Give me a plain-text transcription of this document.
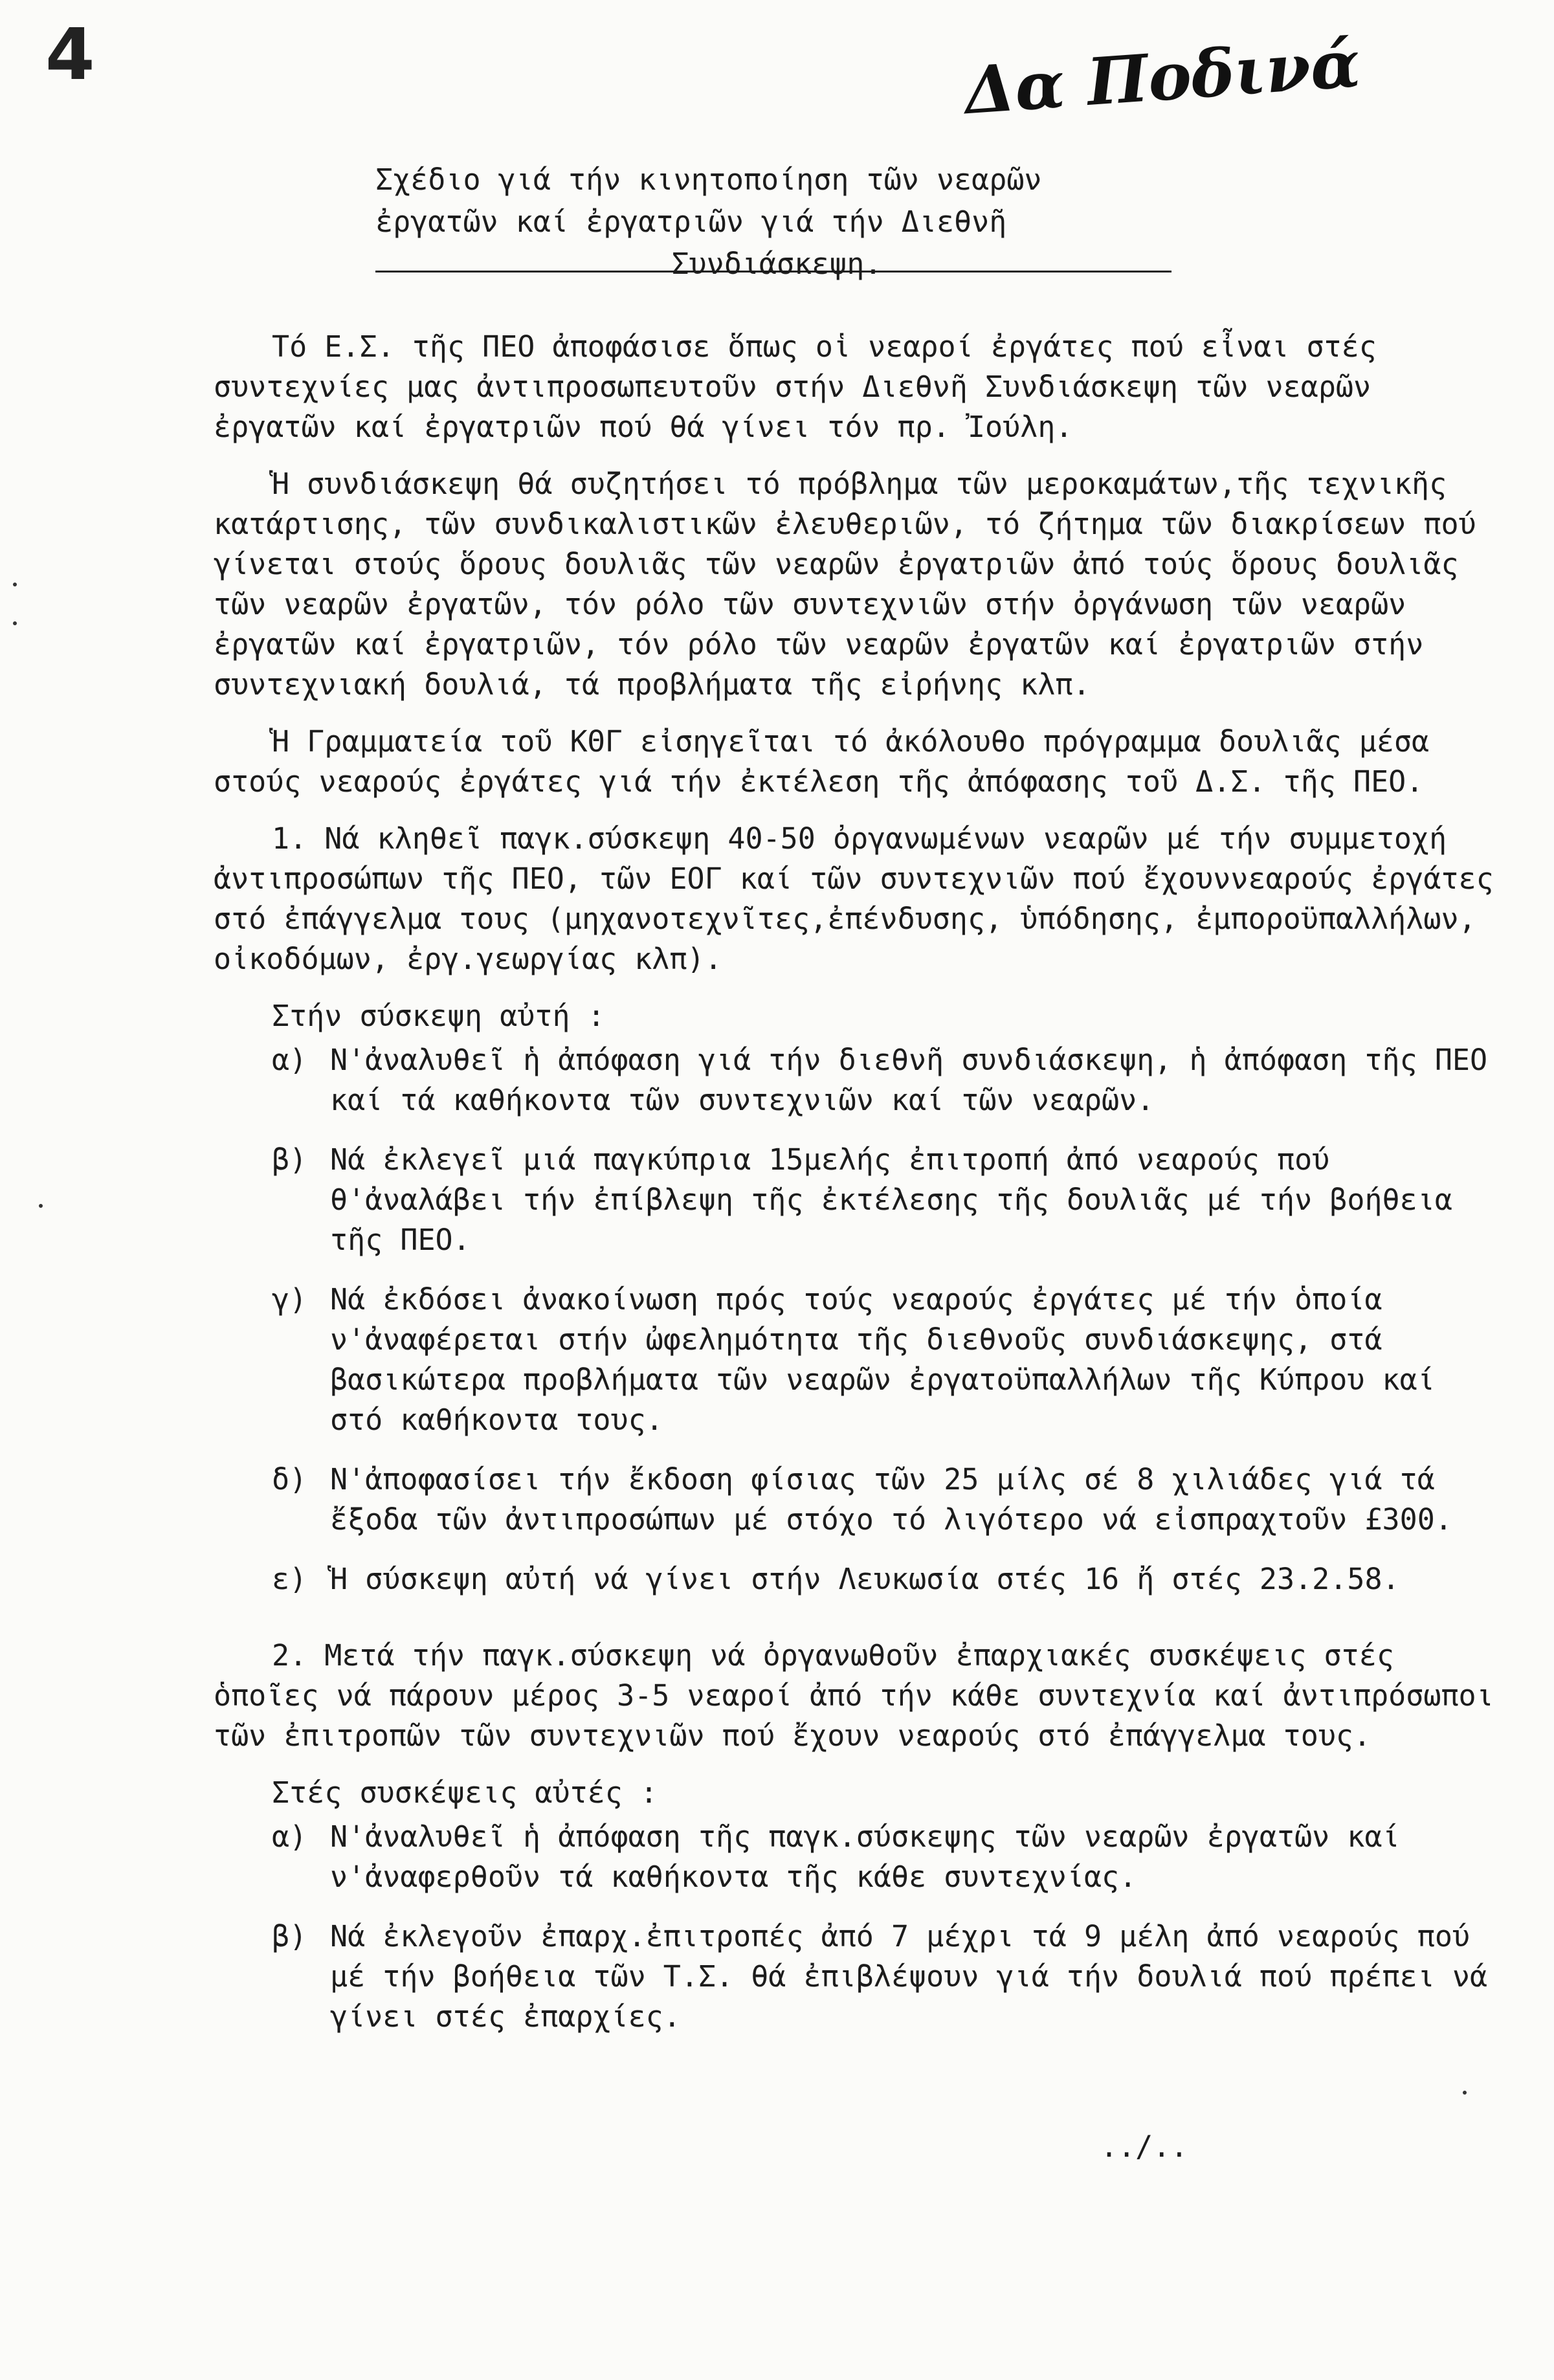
4	Δα Ποδινά
Σχέδιο γιά τήν κινητοποίηση τῶν νεαρῶν
ἐργατῶν καί ἐργατριῶν γιά τήν Διεθνῆ
Συνδιάσκεψη.

Τό Ε.Σ. τῆς ΠΕΟ ἀποφάσισε ὅπως οἱ νεαροί ἐργάτες πού εἶναι στές συντεχνίες μας ἀντιπροσωπευτοῦν στήν Διεθνῆ Συνδιάσκεψη τῶν νεαρῶν ἐργατῶν καί ἐργατριῶν πού θά γίνει τόν πρ. Ἰούλη.

Ἡ συνδιάσκεψη θά συζητήσει τό πρόβλημα τῶν μεροκαμάτων,τῆς τεχνικῆς κατάρτισης, τῶν συνδικαλιστικῶν ἐλευθεριῶν, τό ζήτημα τῶν διακρίσεων πού γίνεται στούς ὅρους δουλιᾶς τῶν νεαρῶν ἐργατριῶν ἀπό τούς ὅρους δουλιᾶς τῶν νεαρῶν ἐργατῶν, τόν ρόλο τῶν συντεχνιῶν στήν ὀργάνωση τῶν νεαρῶν ἐργατῶν καί ἐργατριῶν, τόν ρόλο τῶν νεαρῶν ἐργατῶν καί ἐργατριῶν στήν συντεχνιακή δουλιά, τά προβλήματα τῆς εἰρήνης κλπ.

Ἡ Γραμματεία τοῦ ΚΘΓ εἰσηγεῖται τό ἀκόλουθο πρόγραμμα δουλιᾶς μέσα στούς νεαρούς ἐργάτες γιά τήν ἐκτέλεση τῆς ἀπόφασης τοῦ Δ.Σ. τῆς ΠΕΟ.

1. Νά κληθεῖ παγκ.σύσκεψη 40-50 ὀργανωμένων νεαρῶν μέ τήν συμμετοχή ἀντιπροσώπων τῆς ΠΕΟ, τῶν ΕΟΓ καί τῶν συντεχνιῶν πού ἔχουννεαρούς ἐργάτες στό ἐπάγγελμα τους (μηχανοτεχνῖτες,ἐπένδυσης, ὑπόδησης, ἐμποροϋπαλλήλων, οἰκοδόμων, ἐργ.γεωργίας κλπ).

Στήν σύσκεψη αὐτή :

α) Ν'ἀναλυθεῖ ἡ ἀπόφαση γιά τήν διεθνῆ συνδιάσκεψη, ἡ ἀπόφαση τῆς ΠΕΟ καί τά καθήκοντα τῶν συντεχνιῶν καί τῶν νεαρῶν.
β) Νά ἐκλεγεῖ μιά παγκύπρια 15μελής ἐπιτροπή ἀπό νεαρούς πού θ'ἀναλάβει τήν ἐπίβλεψη τῆς ἐκτέλεσης τῆς δουλιᾶς μέ τήν βοήθεια τῆς ΠΕΟ.
γ) Νά ἐκδόσει ἀνακοίνωση πρός τούς νεαρούς ἐργάτες μέ τήν ὁποία ν'ἀναφέρεται στήν ὠφελημότητα τῆς διεθνοῦς συνδιάσκεψης, στά βασικώτερα προβλήματα τῶν νεαρῶν ἐργατοϋπαλλήλων τῆς Κύπρου καί στό καθήκοντα τους.
δ) Ν'ἀποφασίσει τήν ἔκδοση φίσιας τῶν 25 μίλς σέ 8 χιλιάδες γιά τά ἔξοδα τῶν ἀντιπροσώπων μέ στόχο τό λιγότερο νά εἰσπραχτοῦν £300.
ε) Ἡ σύσκεψη αὐτή νά γίνει στήν Λευκωσία στές 16 ἤ στές 23.2.58.

2. Μετά τήν παγκ.σύσκεψη νά ὀργανωθοῦν ἐπαρχιακές συσκέψεις στές ὁποῖες νά πάρουν μέρος 3-5 νεαροί ἀπό τήν κάθε συντεχνία καί ἀντιπρόσωποι τῶν ἐπιτροπῶν τῶν συντεχνιῶν πού ἔχουν νεαρούς στό ἐπάγγελμα τους.

Στές συσκέψεις αὐτές :

α) Ν'ἀναλυθεῖ ἡ ἀπόφαση τῆς παγκ.σύσκεψης τῶν νεαρῶν ἐργατῶν καί ν'ἀναφερθοῦν τά καθήκοντα τῆς κάθε συντεχνίας.
β) Νά ἐκλεγοῦν ἐπαρχ.ἐπιτροπές ἀπό 7 μέχρι τά 9 μέλη ἀπό νεαρούς πού μέ τήν βοήθεια τῶν Τ.Σ. θά ἐπιβλέψουν γιά τήν δουλιά πού πρέπει νά γίνει στές ἐπαρχίες.
../..
